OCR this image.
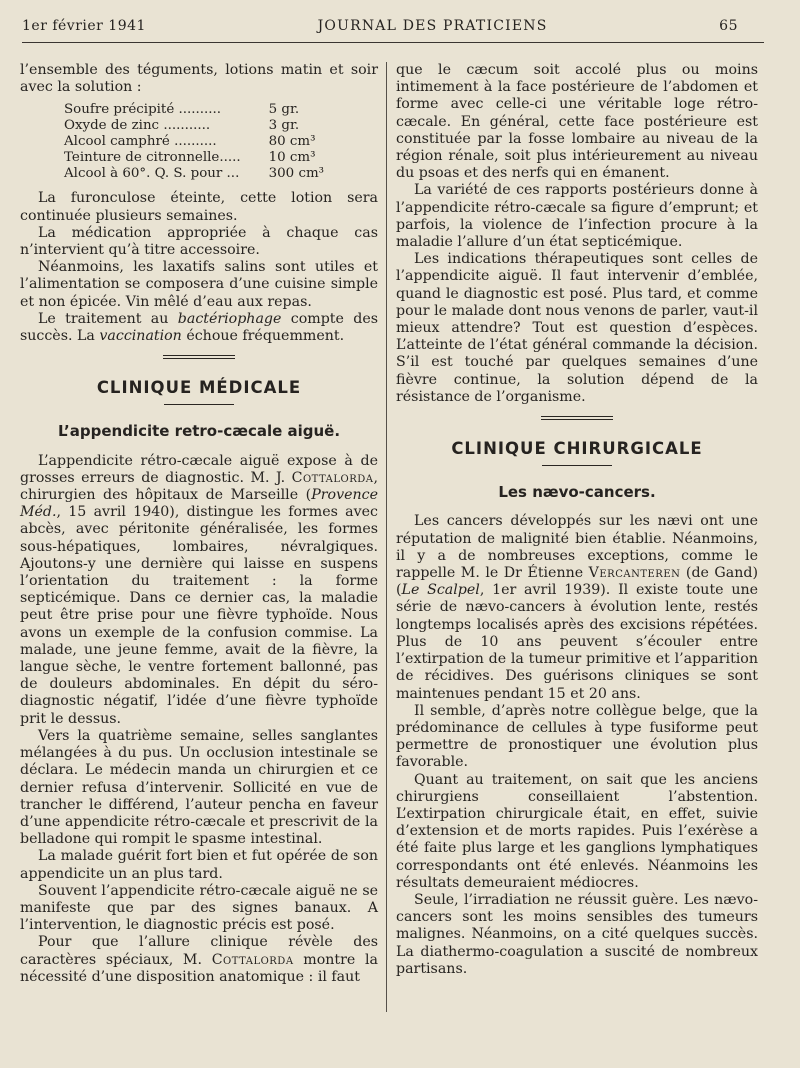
1er février 1941	JOURNAL DES PRATICIENS	65

l’ensemble des téguments, lotions matin et soir avec la solution :

Soufre précipité ..........	5 gr.
Oxyde de zinc ...........	3 gr.
Alcool camphré ..........	80 cm³
Teinture de citronnelle.....	10 cm³
Alcool à 60°. Q. S. pour ...	300 cm³

La furonculose éteinte, cette lotion sera continuée plusieurs semaines.

La médication appropriée à chaque cas n’intervient qu’à titre accessoire.

Néanmoins, les laxatifs salins sont utiles et l’alimentation se composera d’une cuisine simple et non épicée. Vin mêlé d’eau aux repas.

Le traitement au bactériophage compte des succès. La vaccination échoue fréquemment.

CLINIQUE MÉDICALE
L’appendicite retro-cæcale aiguë.

L’appendicite rétro-cæcale aiguë expose à de grosses erreurs de diagnostic. M. J. Cottalorda, chirurgien des hôpitaux de Marseille (Provence Méd., 15 avril 1940), distingue les formes avec abcès, avec péritonite généralisée, les formes sous-hépatiques, lombaires, névralgiques. Ajoutons-y une dernière qui laisse en suspens l’orientation du traitement : la forme septicémique. Dans ce dernier cas, la maladie peut être prise pour une fièvre typhoïde. Nous avons un exemple de la confusion commise. La malade, une jeune femme, avait de la fièvre, la langue sèche, le ventre fortement ballonné, pas de douleurs abdominales. En dépit du séro-diagnostic négatif, l’idée d’une fièvre typhoïde prit le dessus.

Vers la quatrième semaine, selles sanglantes mélangées à du pus. Un occlusion intestinale se déclara. Le médecin manda un chirurgien et ce dernier refusa d’intervenir. Sollicité en vue de trancher le différend, l’auteur pencha en faveur d’une appendicite rétro-cæcale et prescrivit de la belladone qui rompit le spasme intestinal.

La malade guérit fort bien et fut opérée de son appendicite un an plus tard.

Souvent l’appendicite rétro-cæcale aiguë ne se manifeste que par des signes banaux. A l’intervention, le diagnostic précis est posé.

Pour que l’allure clinique révèle des caractères spéciaux, M. Cottalorda montre la nécessité d’une disposition anatomique : il faut

que le cæcum soit accolé plus ou moins intimement à la face postérieure de l’abdomen et forme avec celle-ci une véritable loge rétro-cæcale. En général, cette face postérieure est constituée par la fosse lombaire au niveau de la région rénale, soit plus intérieurement au niveau du psoas et des nerfs qui en émanent.

La variété de ces rapports postérieurs donne à l’appendicite rétro-cæcale sa figure d’emprunt; et parfois, la violence de l’infection procure à la maladie l’allure d’un état septicémique.

Les indications thérapeutiques sont celles de l’appendicite aiguë. Il faut intervenir d’emblée, quand le diagnostic est posé. Plus tard, et comme pour le malade dont nous venons de parler, vaut-il mieux attendre? Tout est question d’espèces. L’atteinte de l’état général commande la décision. S’il est touché par quelques semaines d’une fièvre continue, la solution dépend de la résistance de l’organisme.

CLINIQUE CHIRURGICALE
Les nævo-cancers.

Les cancers développés sur les nævi ont une réputation de malignité bien établie. Néanmoins, il y a de nombreuses exceptions, comme le rappelle M. le Dr Étienne Vercanteren (de Gand) (Le Scalpel, 1er avril 1939). Il existe toute une série de nævo-cancers à évolution lente, restés longtemps localisés après des excisions répétées. Plus de 10 ans peuvent s’écouler entre l’extirpation de la tumeur primitive et l’apparition de récidives. Des guérisons cliniques se sont maintenues pendant 15 et 20 ans.

Il semble, d’après notre collègue belge, que la prédominance de cellules à type fusiforme peut permettre de pronostiquer une évolution plus favorable.

Quant au traitement, on sait que les anciens chirurgiens conseillaient l’abstention. L’extirpation chirurgicale était, en effet, suivie d’extension et de morts rapides. Puis l’exérèse a été faite plus large et les ganglions lymphatiques correspondants ont été enlevés. Néanmoins les résultats demeuraient médiocres.

Seule, l’irradiation ne réussit guère. Les nævo-cancers sont les moins sensibles des tumeurs malignes. Néanmoins, on a cité quelques succès. La diathermo-coagulation a suscité de nombreux partisans.
